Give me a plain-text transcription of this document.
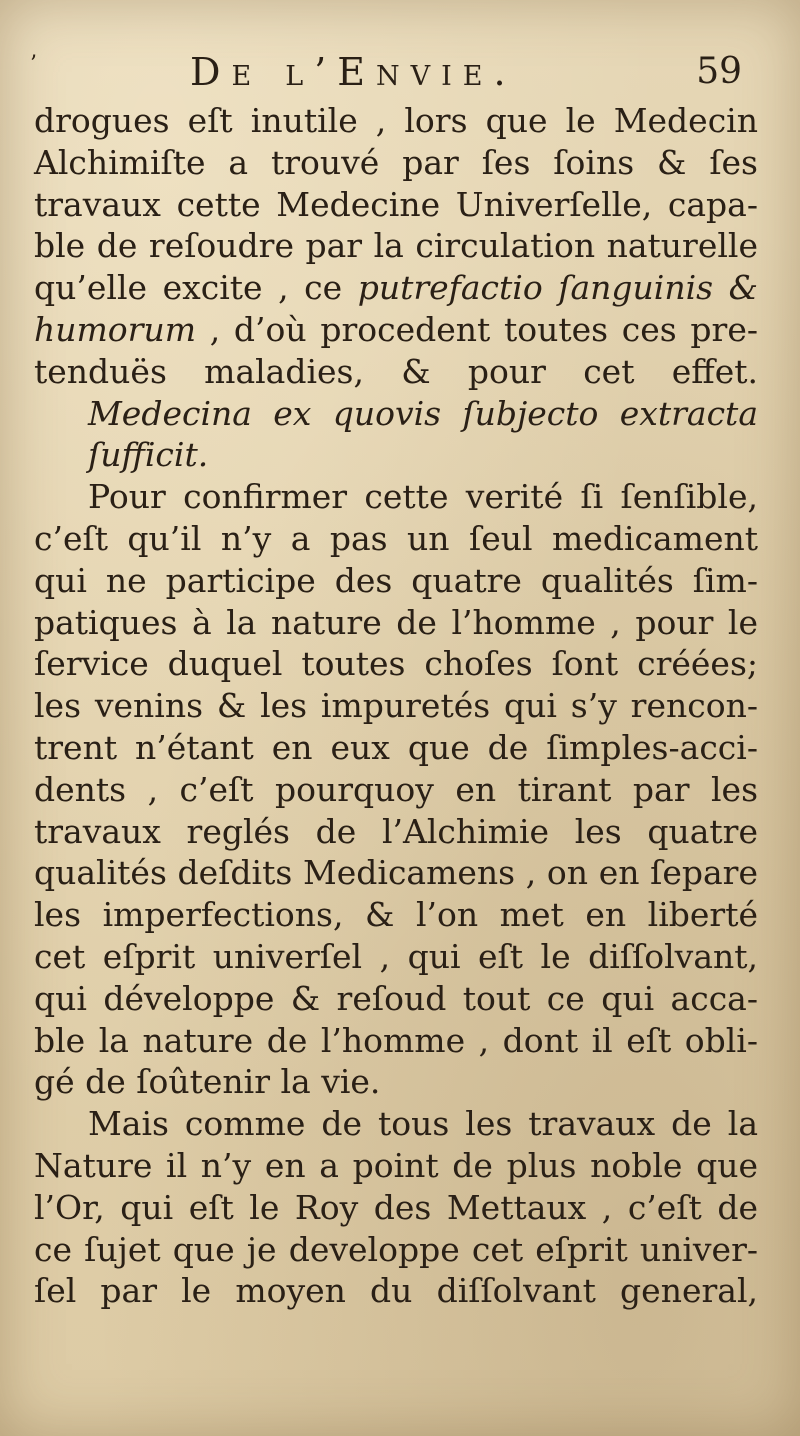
’	De l’Envie.	59
drogues eſt inutile , lors que le Medecin
Alchimiſte a trouvé par ſes ſoins & ſes
travaux cette Medecine Univerſelle, capa-
ble de reſoudre par la circulation naturelle
qu’elle excite , ce putrefactio ſanguinis &
humorum , d’où procedent toutes ces pre-
tenduës maladies, & pour cet effet.
Medecina ex quovis ſubjecto extracta
ſufficit.
Pour confirmer cette verité ſi ſenſible,
c’eſt qu’il n’y a pas un ſeul medicament
qui ne participe des quatre qualités ſim-
patiques à la nature de l’homme , pour le
ſervice duquel toutes choſes ſont créées;
les venins & les impuretés qui s’y rencon-
trent n’étant en eux que de ſimples-acci-
dents , c’eſt pourquoy en tirant par les
travaux reglés de l’Alchimie les quatre
qualités deſdits Medicamens , on en ſepare
les imperfections, & l’on met en liberté
cet eſprit univerſel , qui eſt le diſſolvant,
qui développe & reſoud tout ce qui acca-
ble la nature de l’homme , dont il eſt obli-
gé de ſoûtenir la vie.
Mais comme de tous les travaux de la
Nature il n’y en a point de plus noble que
l’Or, qui eſt le Roy des Mettaux , c’eſt de
ce ſujet que je developpe cet eſprit univer-
ſel par le moyen du diſſolvant general,
